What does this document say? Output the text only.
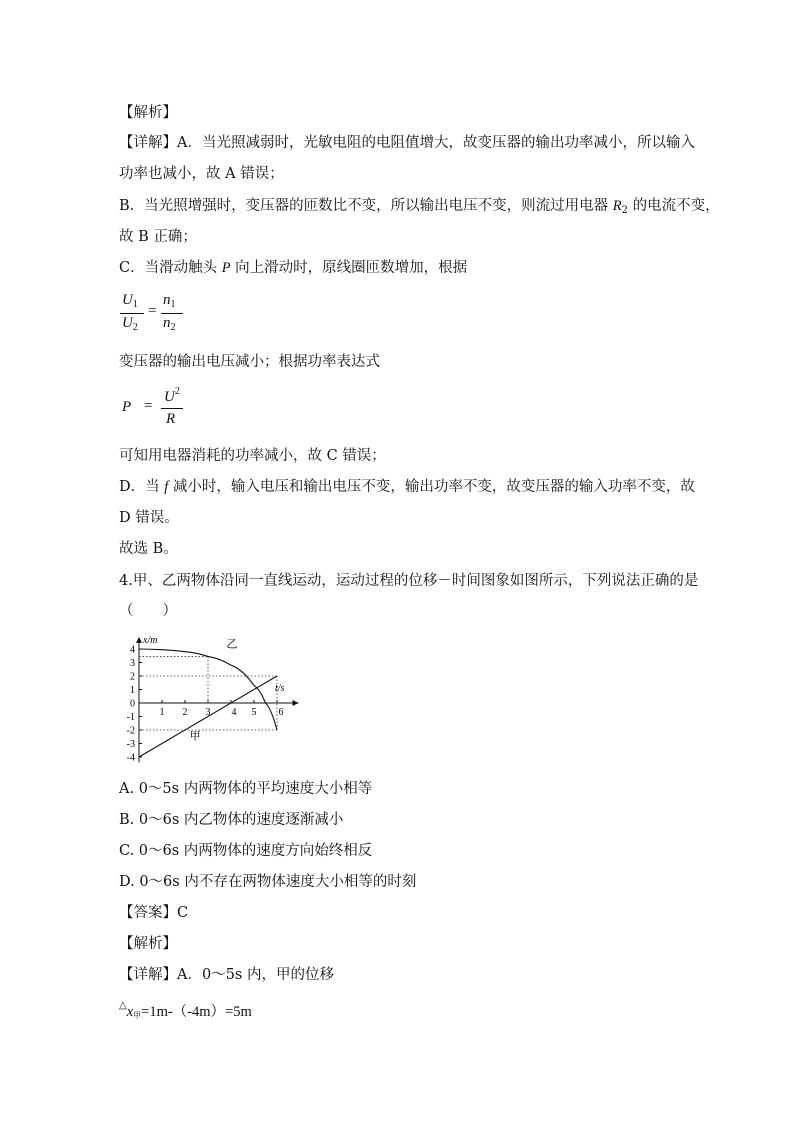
【解析】
【详解】A．当光照减弱时，光敏电阻的电阻值增大，故变压器的输出功率减小，所以输入
功率也减小，故 A 错误；
B．当光照增强时，变压器的匝数比不变，所以输出电压不变，则流过用电器 $R_2$ 的电流不变，
故 B 正确；
C．当滑动触头 P 向上滑动时，原线圈匝数增加，根据
$U_1$
$U_2$
=
$n_1$
$n_2$
变压器的输出电压减小；根据功率表达式
P =
$U^2$
R
可知用电器消耗的功率减小，故 C 错误；
D．当 f 减小时，输入电压和输出电压不变，输出功率不变，故变压器的输入功率不变，故
D 错误。
故选 B。
4.甲、乙两物体沿同一直线运动，运动过程的位移－时间图象如图所示，下列说法正确的是
（　　）
x/m
t/s
4
3
2
1
0
-1
-2
-3
-4
1 2 3 4 5 6
甲
乙
A. 0～5s 内两物体的平均速度大小相等
B. 0～6s 内乙物体的速度逐渐减小
C. 0～6s 内两物体的速度方向始终相反
D. 0～6s 内不存在两物体速度大小相等的时刻
【答案】C
【解析】
【详解】A．0～5s 内，甲的位移
△x甲=1m-（-4m）=5m
